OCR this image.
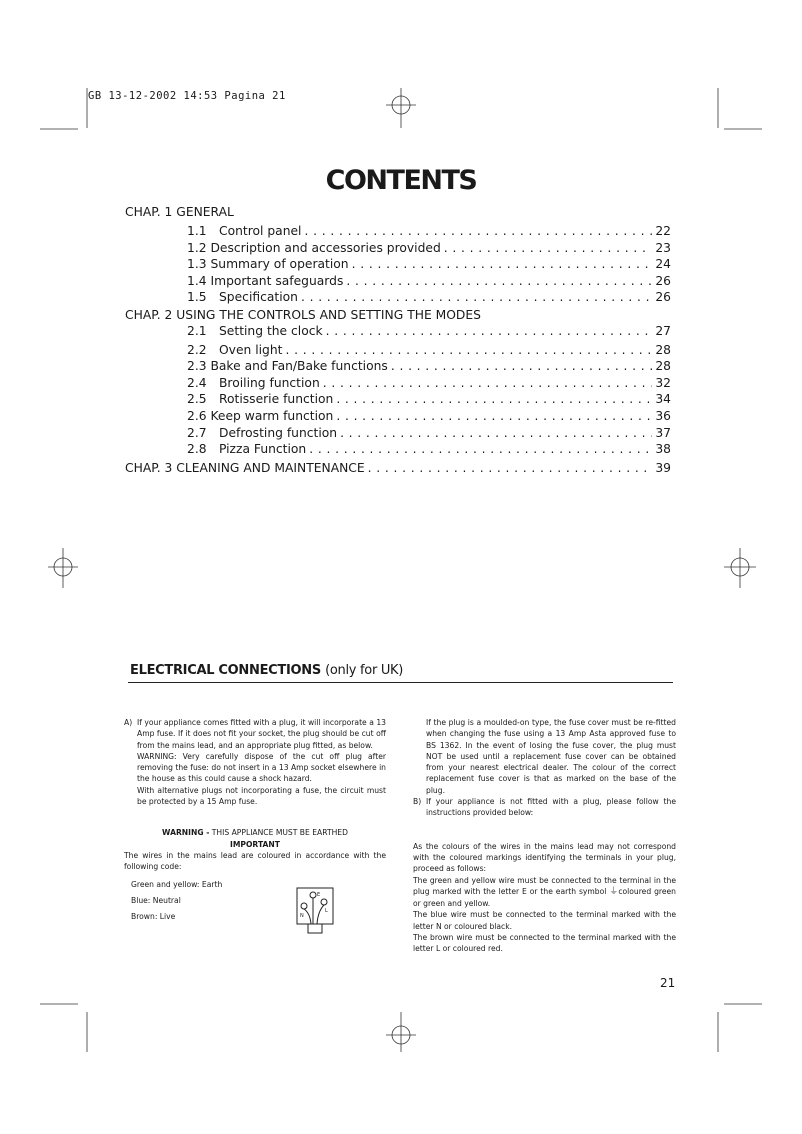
GB 13-12-2002 14:53 Pagina 21
CONTENTS
CHAP. 1 GENERAL
1.1	Control panel . . .	22
1.2 Description and accessories provided . . .	23
1.3 Summary of operation . . .	24
1.4 Important safeguards . . .	26
1.5	Specification . . .	26
CHAP. 2 USING THE CONTROLS AND SETTING THE MODES
2.1	Setting the clock . . .	27
2.2	Oven light . . .	28
2.3 Bake and Fan/Bake functions . . .	28
2.4	Broiling function . . .	32
2.5	Rotisserie function . . .	34
2.6 Keep warm function . . .	36
2.7	Defrosting function . . .	37
2.8	Pizza Function . . .	38
CHAP. 3 CLEANING AND MAINTENANCE . . .	39
ELECTRICAL CONNECTIONS (only for UK)
A) If your appliance comes fitted with a plug, it will incorporate a 13 Amp fuse. If it does not fit your socket, the plug should be cut off from the mains lead, and an appropriate plug fitted, as below.
WARNING: Very carefully dispose of the cut off plug after removing the fuse: do not insert in a 13 Amp socket elsewhere in the house as this could cause a shock hazard.
With alternative plugs not incorporating a fuse, the circuit must be protected by a 15 Amp fuse.
WARNING - THIS APPLIANCE MUST BE EARTHED
IMPORTANT
The wires in the mains lead are coloured in accordance with the following code:
Green and yellow: Earth
Blue: Neutral
Brown: Live
E
L
N
If the plug is a moulded-on type, the fuse cover must be re-fitted when changing the fuse using a 13 Amp Asta approved fuse to BS 1362. In the event of losing the fuse cover, the plug must NOT be used until a replacement fuse cover can be obtained from your nearest electrical dealer. The colour of the correct replacement fuse cover is that as marked on the base of the plug.
B) If your appliance is not fitted with a plug, please follow the instructions provided below:
As the colours of the wires in the mains lead may not correspond with the coloured markings identifying the terminals in your plug, proceed as follows:
The green and yellow wire must be connected to the terminal in the plug marked with the letter E or the earth symbol ⏚coloured green or green and yellow.
The blue wire must be connected to the terminal marked with the letter N or coloured black.
The brown wire must be connected to the terminal marked with the letter L or coloured red.
21
